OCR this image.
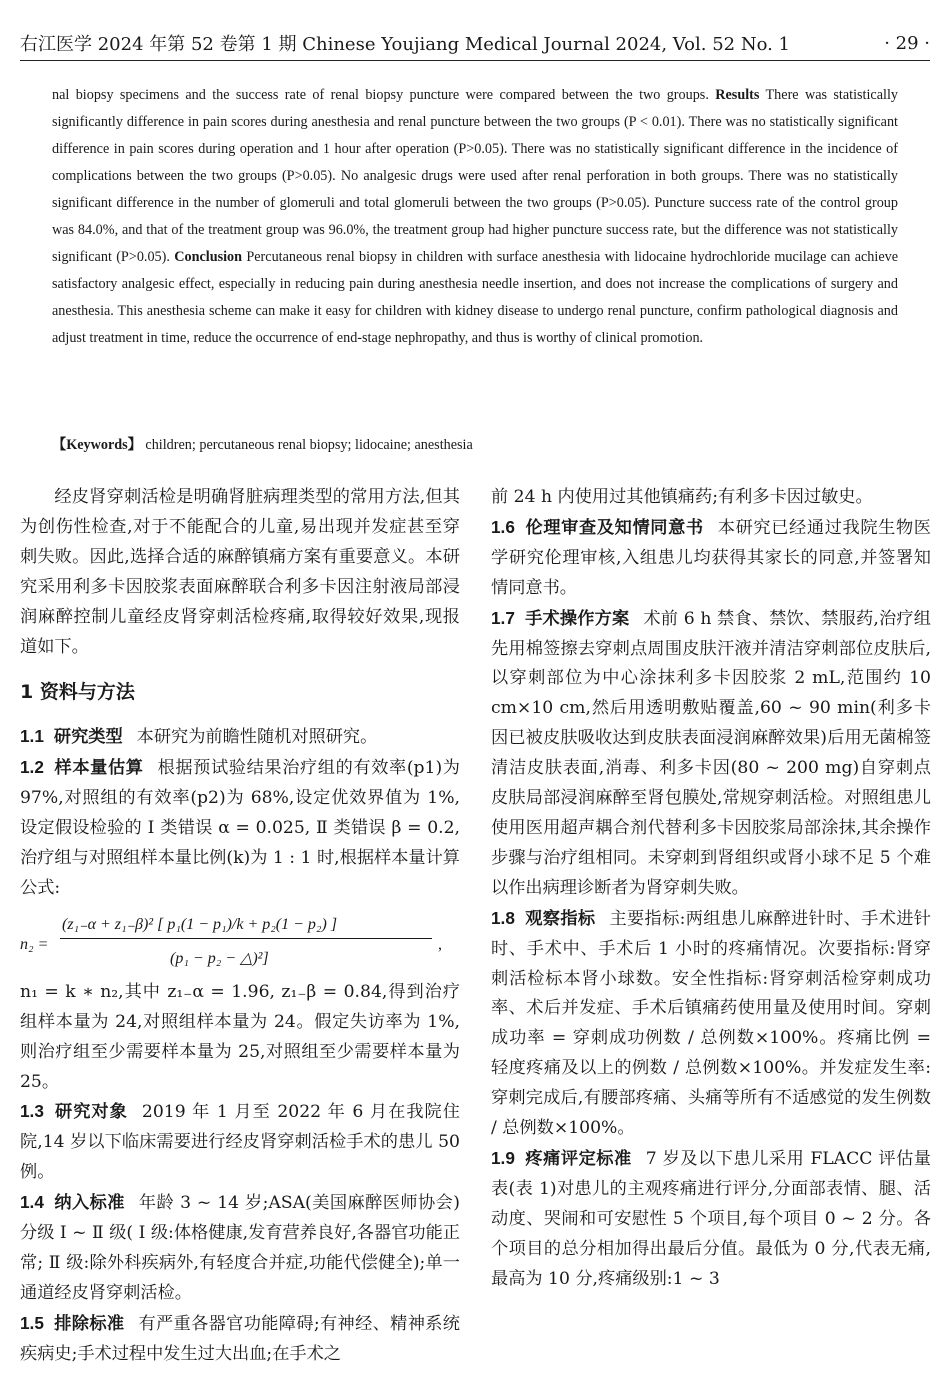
右江医学 2024 年第 52 卷第 1 期 Chinese Youjiang Medical Journal 2024, Vol. 52 No. 1	· 29 ·
nal biopsy specimens and the success rate of renal biopsy puncture were compared between the two groups. Results There was statistically significantly difference in pain scores during anesthesia and renal puncture between the two groups (P < 0.01). There was no statistically significant difference in pain scores during operation and 1 hour after operation (P>0.05). There was no statistically significant difference in the incidence of complications between the two groups (P>0.05). No analgesic drugs were used after renal perforation in both groups. There was no statistically significant difference in the number of glomeruli and total glomeruli between the two groups (P>0.05). Puncture success rate of the control group was 84.0%, and that of the treatment group was 96.0%, the treatment group had higher puncture success rate, but the difference was not statistically significant (P>0.05). Conclusion Percutaneous renal biopsy in children with surface anesthesia with lidocaine hydrochloride mucilage can achieve satisfactory analgesic effect, especially in reducing pain during anesthesia needle insertion, and does not increase the complications of surgery and anesthesia. This anesthesia scheme can make it easy for children with kidney disease to undergo renal puncture, confirm pathological diagnosis and adjust treatment in time, reduce the occurrence of end-stage nephropathy, and thus is worthy of clinical promotion.
【Keywords】 children; percutaneous renal biopsy; lidocaine; anesthesia

经皮肾穿刺活检是明确肾脏病理类型的常用方法,但其为创伤性检查,对于不能配合的儿童,易出现并发症甚至穿刺失败。因此,选择合适的麻醉镇痛方案有重要意义。本研究采用利多卡因胶浆表面麻醉联合利多卡因注射液局部浸润麻醉控制儿童经皮肾穿刺活检疼痛,取得较好效果,现报道如下。

1 资料与方法

1.1 研究类型 本研究为前瞻性随机对照研究。

1.2 样本量估算 根据预试验结果治疗组的有效率(p1)为 97%,对照组的有效率(p2)为 68%,设定优效界值为 1%,设定假设检验的 Ⅰ 类错误 α = 0.025, Ⅱ 类错误 β = 0.2,治疗组与对照组样本量比例(k)为 1 : 1 时,根据样本量计算公式:

n₂ =
(z₁₋α + z₁₋β)² [ p₁(1 − p₁)/k + p₂(1 − p₂) ]
(p₁ − p₂ − △)²]
,

n₁ = k ∗ n₂,其中 z₁₋α = 1.96, z₁₋β = 0.84,得到治疗组样本量为 24,对照组样本量为 24。假定失访率为 1%,则治疗组至少需要样本量为 25,对照组至少需要样本量为 25。

1.3 研究对象 2019 年 1 月至 2022 年 6 月在我院住院,14 岁以下临床需要进行经皮肾穿刺活检手术的患儿 50 例。

1.4 纳入标准 年龄 3 ~ 14 岁;ASA(美国麻醉医师协会)分级 Ⅰ ~ Ⅱ 级( Ⅰ 级:体格健康,发育营养良好,各器官功能正常; Ⅱ 级:除外科疾病外,有轻度合并症,功能代偿健全);单一通道经皮肾穿刺活检。

1.5 排除标准 有严重各器官功能障碍;有神经、精神系统疾病史;手术过程中发生过大出血;在手术之

前 24 h 内使用过其他镇痛药;有利多卡因过敏史。

1.6 伦理审查及知情同意书 本研究已经通过我院生物医学研究伦理审核,入组患儿均获得其家长的同意,并签署知情同意书。

1.7 手术操作方案 术前 6 h 禁食、禁饮、禁服药,治疗组先用棉签擦去穿刺点周围皮肤汗液并清洁穿刺部位皮肤后,以穿刺部位为中心涂抹利多卡因胶浆 2 mL,范围约 10 cm×10 cm,然后用透明敷贴覆盖,60 ~ 90 min(利多卡因已被皮肤吸收达到皮肤表面浸润麻醉效果)后用无菌棉签清洁皮肤表面,消毒、利多卡因(80 ~ 200 mg)自穿刺点皮肤局部浸润麻醉至肾包膜处,常规穿刺活检。对照组患儿使用医用超声耦合剂代替利多卡因胶浆局部涂抹,其余操作步骤与治疗组相同。未穿刺到肾组织或肾小球不足 5 个难以作出病理诊断者为肾穿刺失败。

1.8 观察指标 主要指标:两组患儿麻醉进针时、手术进针时、手术中、手术后 1 小时的疼痛情况。次要指标:肾穿刺活检标本肾小球数。安全性指标:肾穿刺活检穿刺成功率、术后并发症、手术后镇痛药使用量及使用时间。穿刺成功率 = 穿刺成功例数 / 总例数×100%。疼痛比例 = 轻度疼痛及以上的例数 / 总例数×100%。并发症发生率:穿刺完成后,有腰部疼痛、头痛等所有不适感觉的发生例数 / 总例数×100%。

1.9 疼痛评定标准 7 岁及以下患儿采用 FLACC 评估量表(表 1)对患儿的主观疼痛进行评分,分面部表情、腿、活动度、哭闹和可安慰性 5 个项目,每个项目 0 ~ 2 分。各个项目的总分相加得出最后分值。最低为 0 分,代表无痛,最高为 10 分,疼痛级别:1 ~ 3
